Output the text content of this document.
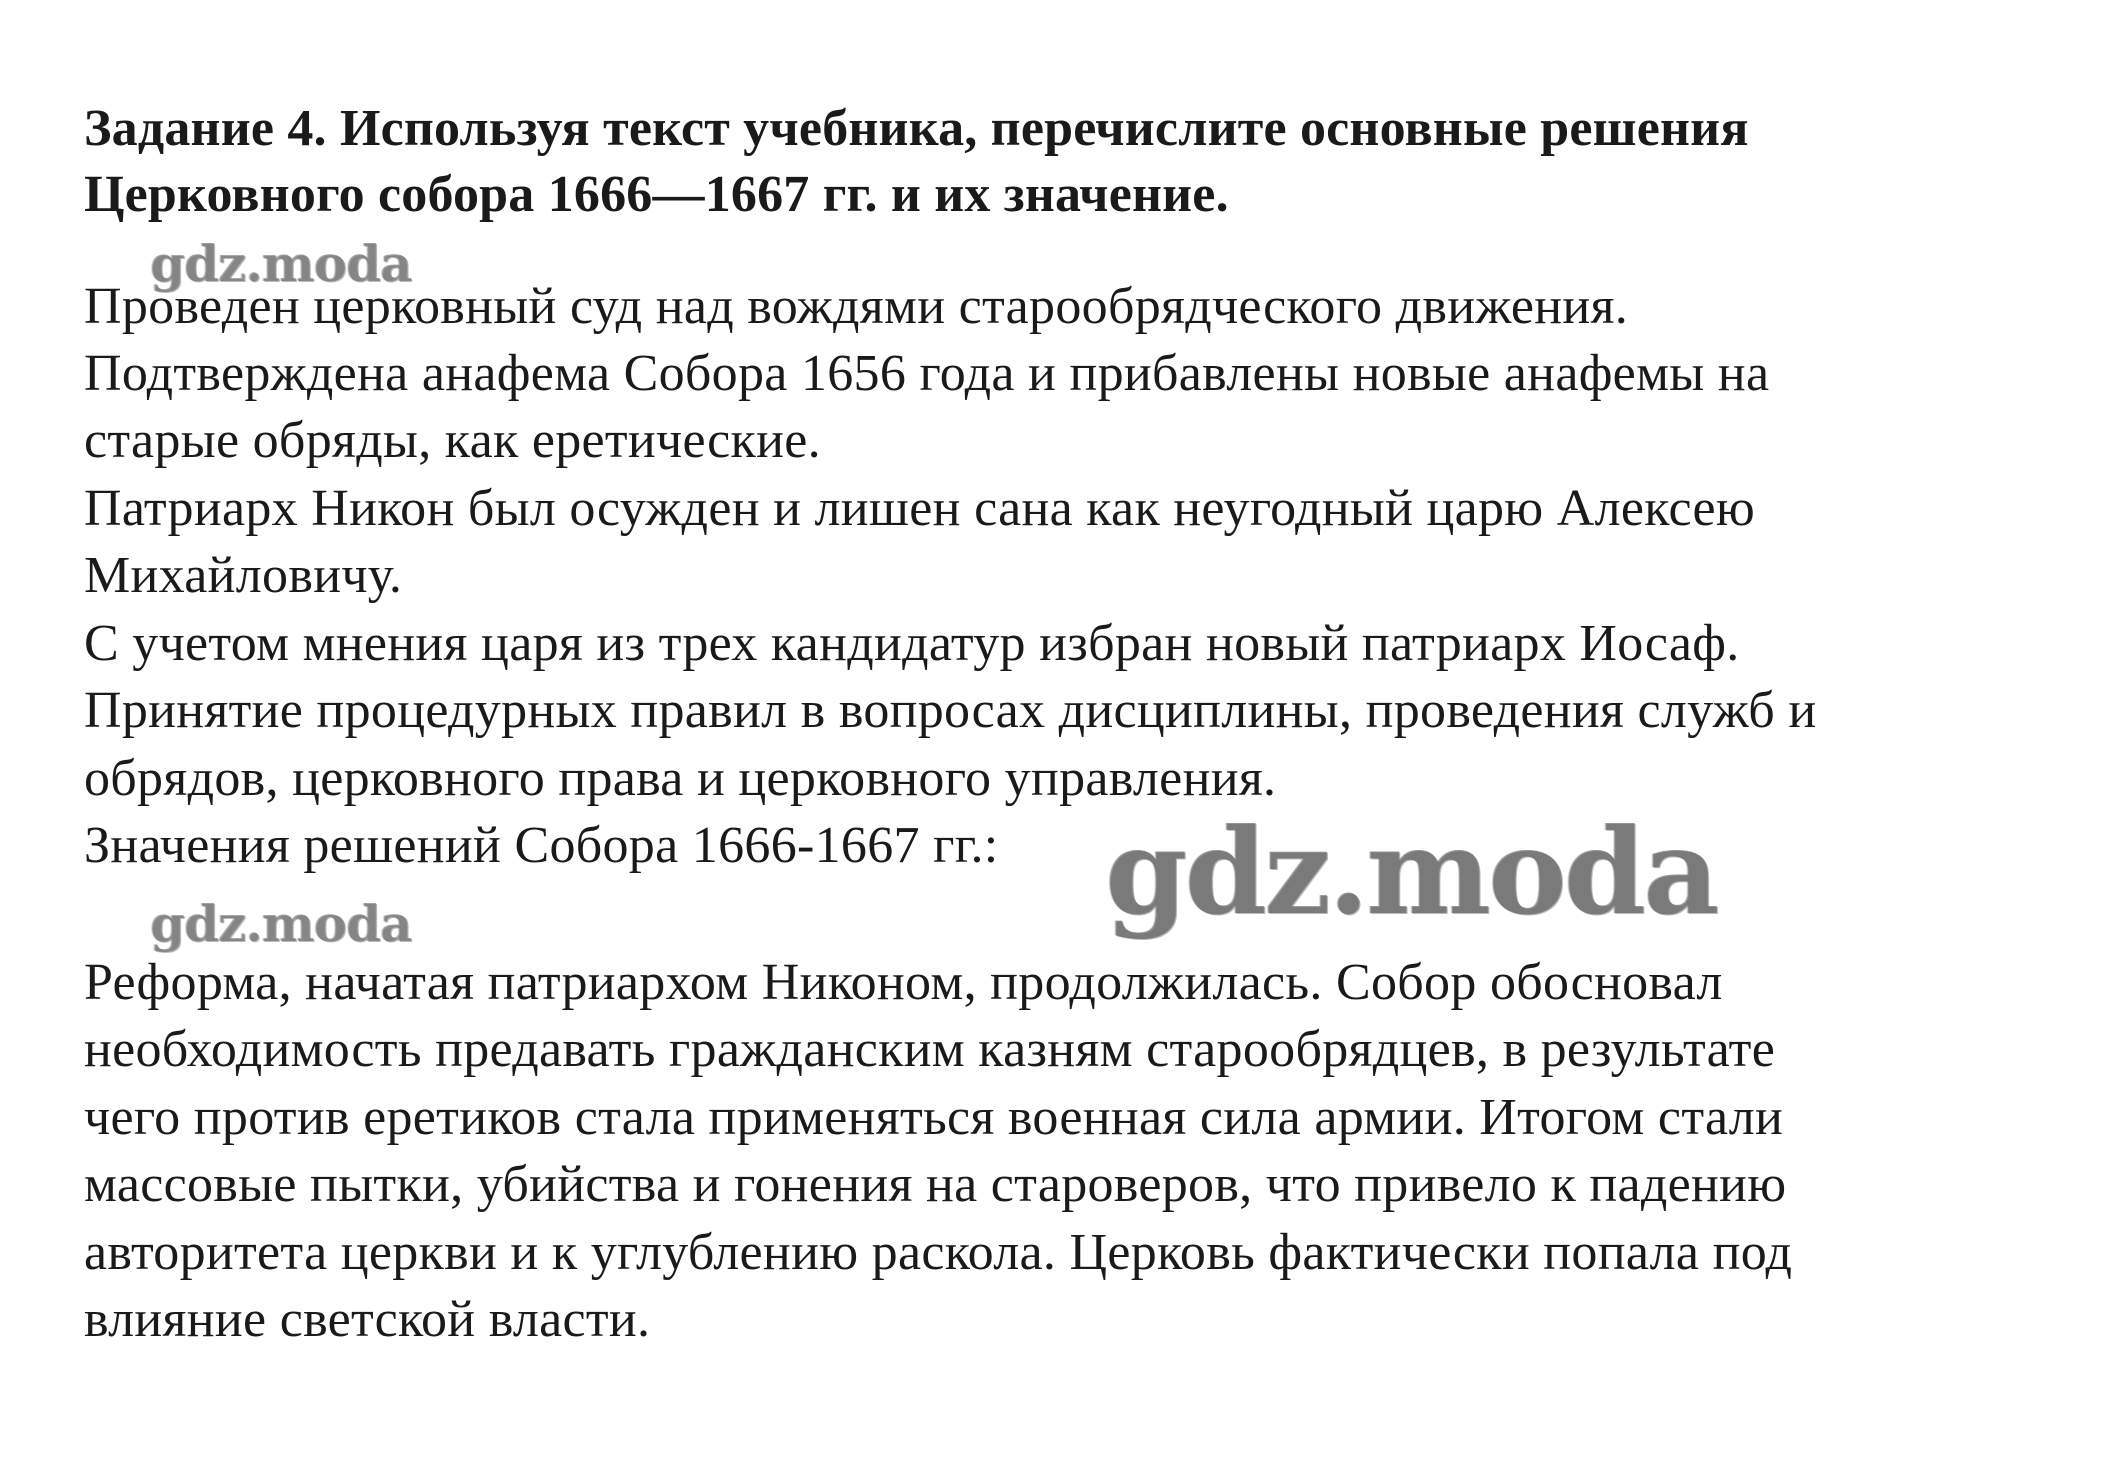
Задание 4. Используя текст учебника, перечислите основные решения
Церковного собора 1666—1667 гг. и их значение.
gdz.moda

Проведен церковный суд над вождями старообрядческого движения.

Подтверждена анафема Собора 1656 года и прибавлены новые анафемы на

старые обряды, как еретические.

Патриарх Никон был осужден и лишен сана как неугодный царю Алексею

Михайловичу.

С учетом мнения царя из трех кандидатур избран новый патриарх Иосаф.

Принятие процедурных правил в вопросах дисциплины, проведения служб и

обрядов, церковного права и церковного управления.

Значения решений Собора 1666-1667 гг.: gdz.moda
gdz.moda

Реформа, начатая патриархом Никоном, продолжилась. Собор обосновал

необходимость предавать гражданским казням старообрядцев, в результате

чего против еретиков стала применяться военная сила армии. Итогом стали

массовые пытки, убийства и гонения на староверов, что привело к падению

авторитета церкви и к углублению раскола. Церковь фактически попала под

влияние светской власти.
